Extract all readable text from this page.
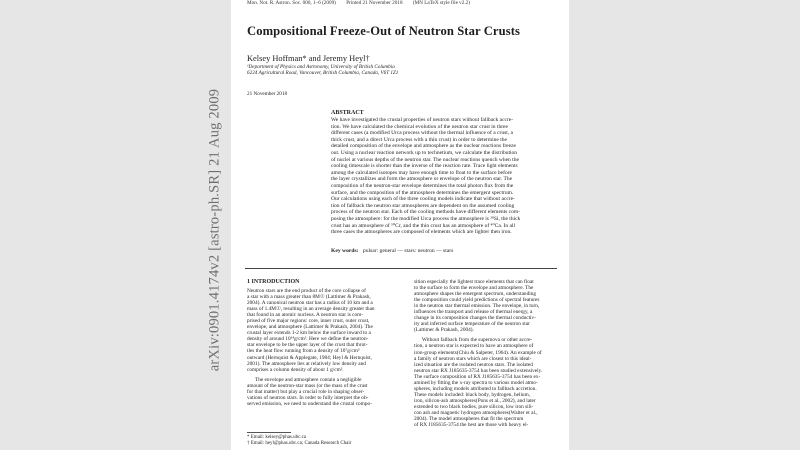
arXiv:0901.4174v2 [astro-ph.SR] 21 Aug 2009
Mon. Not. R. Astron. Soc. 000, 1–6 (2009) Printed 21 November 2018 (MN LaTeX style file v2.2)
Compositional Freeze-Out of Neutron Star Crusts
Kelsey Hoffman* and Jeremy Heyl†
¹Department of Physics and Astronomy, University of British Columbia
6224 Agricultural Road, Vancouver, British Columbia, Canada, V6T 1Z1
21 November 2018
ABSTRACT
We have investigated the crustal properties of neutron stars without fallback accre-
tion. We have calculated the chemical evolution of the neutron star crust in three
different cases (a modified Urca process without the thermal influence of a crust, a
thick crust, and a direct Urca process with a thin crust) in order to determine the
detailed composition of the envelope and atmosphere as the nuclear reactions freeze
out. Using a nuclear reaction network up to technetium, we calculate the distribution
of nuclei at various depths of the neutron star. The nuclear reactions quench when the
cooling timescale is shorter than the inverse of the reaction rate. Trace light elements
among the calculated isotopes may have enough time to float to the surface before
the layer crystallizes and form the atmosphere or envelope of the neutron star. The
composition of the neutron-star envelope determines the total photon flux from the
surface, and the composition of the atmosphere determines the emergent spectrum.
Our calculations using each of the three cooling models indicate that without accre-
tion of fallback the neutron star atmospheres are dependent on the assumed cooling
process of the neutron star. Each of the cooling methods have different elements com-
posing the atmosphere: for the modified Urca process the atmosphere is ²⁸Si, the thick
crust has an atmosphere of ⁵⁰Cr, and the thin crust has an atmosphere of ⁴⁰Ca. In all
three cases the atmospheres are composed of elements which are lighter then iron.
Key words: pulsar: general — stars: neutron — stars
1 INTRODUCTION
Neutron stars are the end product of the core collapse of
a star with a mass greater than 8M☉ (Lattimer & Prakash,
2004). A canonical neutron star has a radius of 10 km and a
mass of 1.4M☉, resulting in an average density greater than
that found in an atomic nucleus. A neutron star is com-
prised of five major regions: core, inner crust, outer crust,
envelope, and atmosphere (Lattimer & Prakash, 2004). The
crustal layer extends 1-2 km below the surface inward to a
density of around 10¹⁴g/cm³. Here we define the neutron-
star envelope to be the upper layer of the crust that throt-
tles the heat flow running from a density of 10⁷g/cm³
outward (Hernquist & Applegate, 1984; Heyl & Hernquist,
2001). The atmosphere lies at relatively low density and
comprises a column density of about 1 g/cm².
The envelope and atmosphere contain a negligible
amount of the neutron-star mass (or the mass of the crust
for that matter) but play a crucial role in shaping obser-
vations of neutron stars. In order to fully interpret the ob-
served emission, we need to understand the crustal compo-
sition especially the lightest trace elements that can float
to the surface to form the envelope and atmosphere. The
atmosphere shapes the emergent spectrum, understanding
the composition could yield predictions of spectral features
in the neutron star thermal emission. The envelope, in turn,
influences the transport and release of thermal energy, a
change in its composition changes the thermal conductiv-
ity and inferred surface temperature of the neutron star
(Lattimer & Prakash, 2004).
Without fallback from the supernova or other accre-
tion, a neutron star is expected to have an atmosphere of
iron-group elements(Chiu & Salpeter, 1964). An example of
a family of neutron stars which are closest to this ideal-
ized situation are the isolated neutron stars. The isolated
neutron star RX J185635-3754 has been studied extensively.
The surface composition of RX J185635-3754 has been ex-
amined by fitting the x-ray spectra to various model atmo-
spheres, including models attributed to fallback accretion.
These models included: black body, hydrogen, helium,
iron, silicon-ash atmospheres(Pons et al., 2002), and later
extended to two black bodies, pure silicon, low iron sili-
con ash and magnetic hydrogen atmospheres(Walter et al.,
2004). The model atmospheres that fit the spectrum
of RX J185635-3754 the best are those with heavy el-
* Email: kelsey@phas.ubc.ca
† Email: heyl@phas.ubc.ca; Canada Research Chair
